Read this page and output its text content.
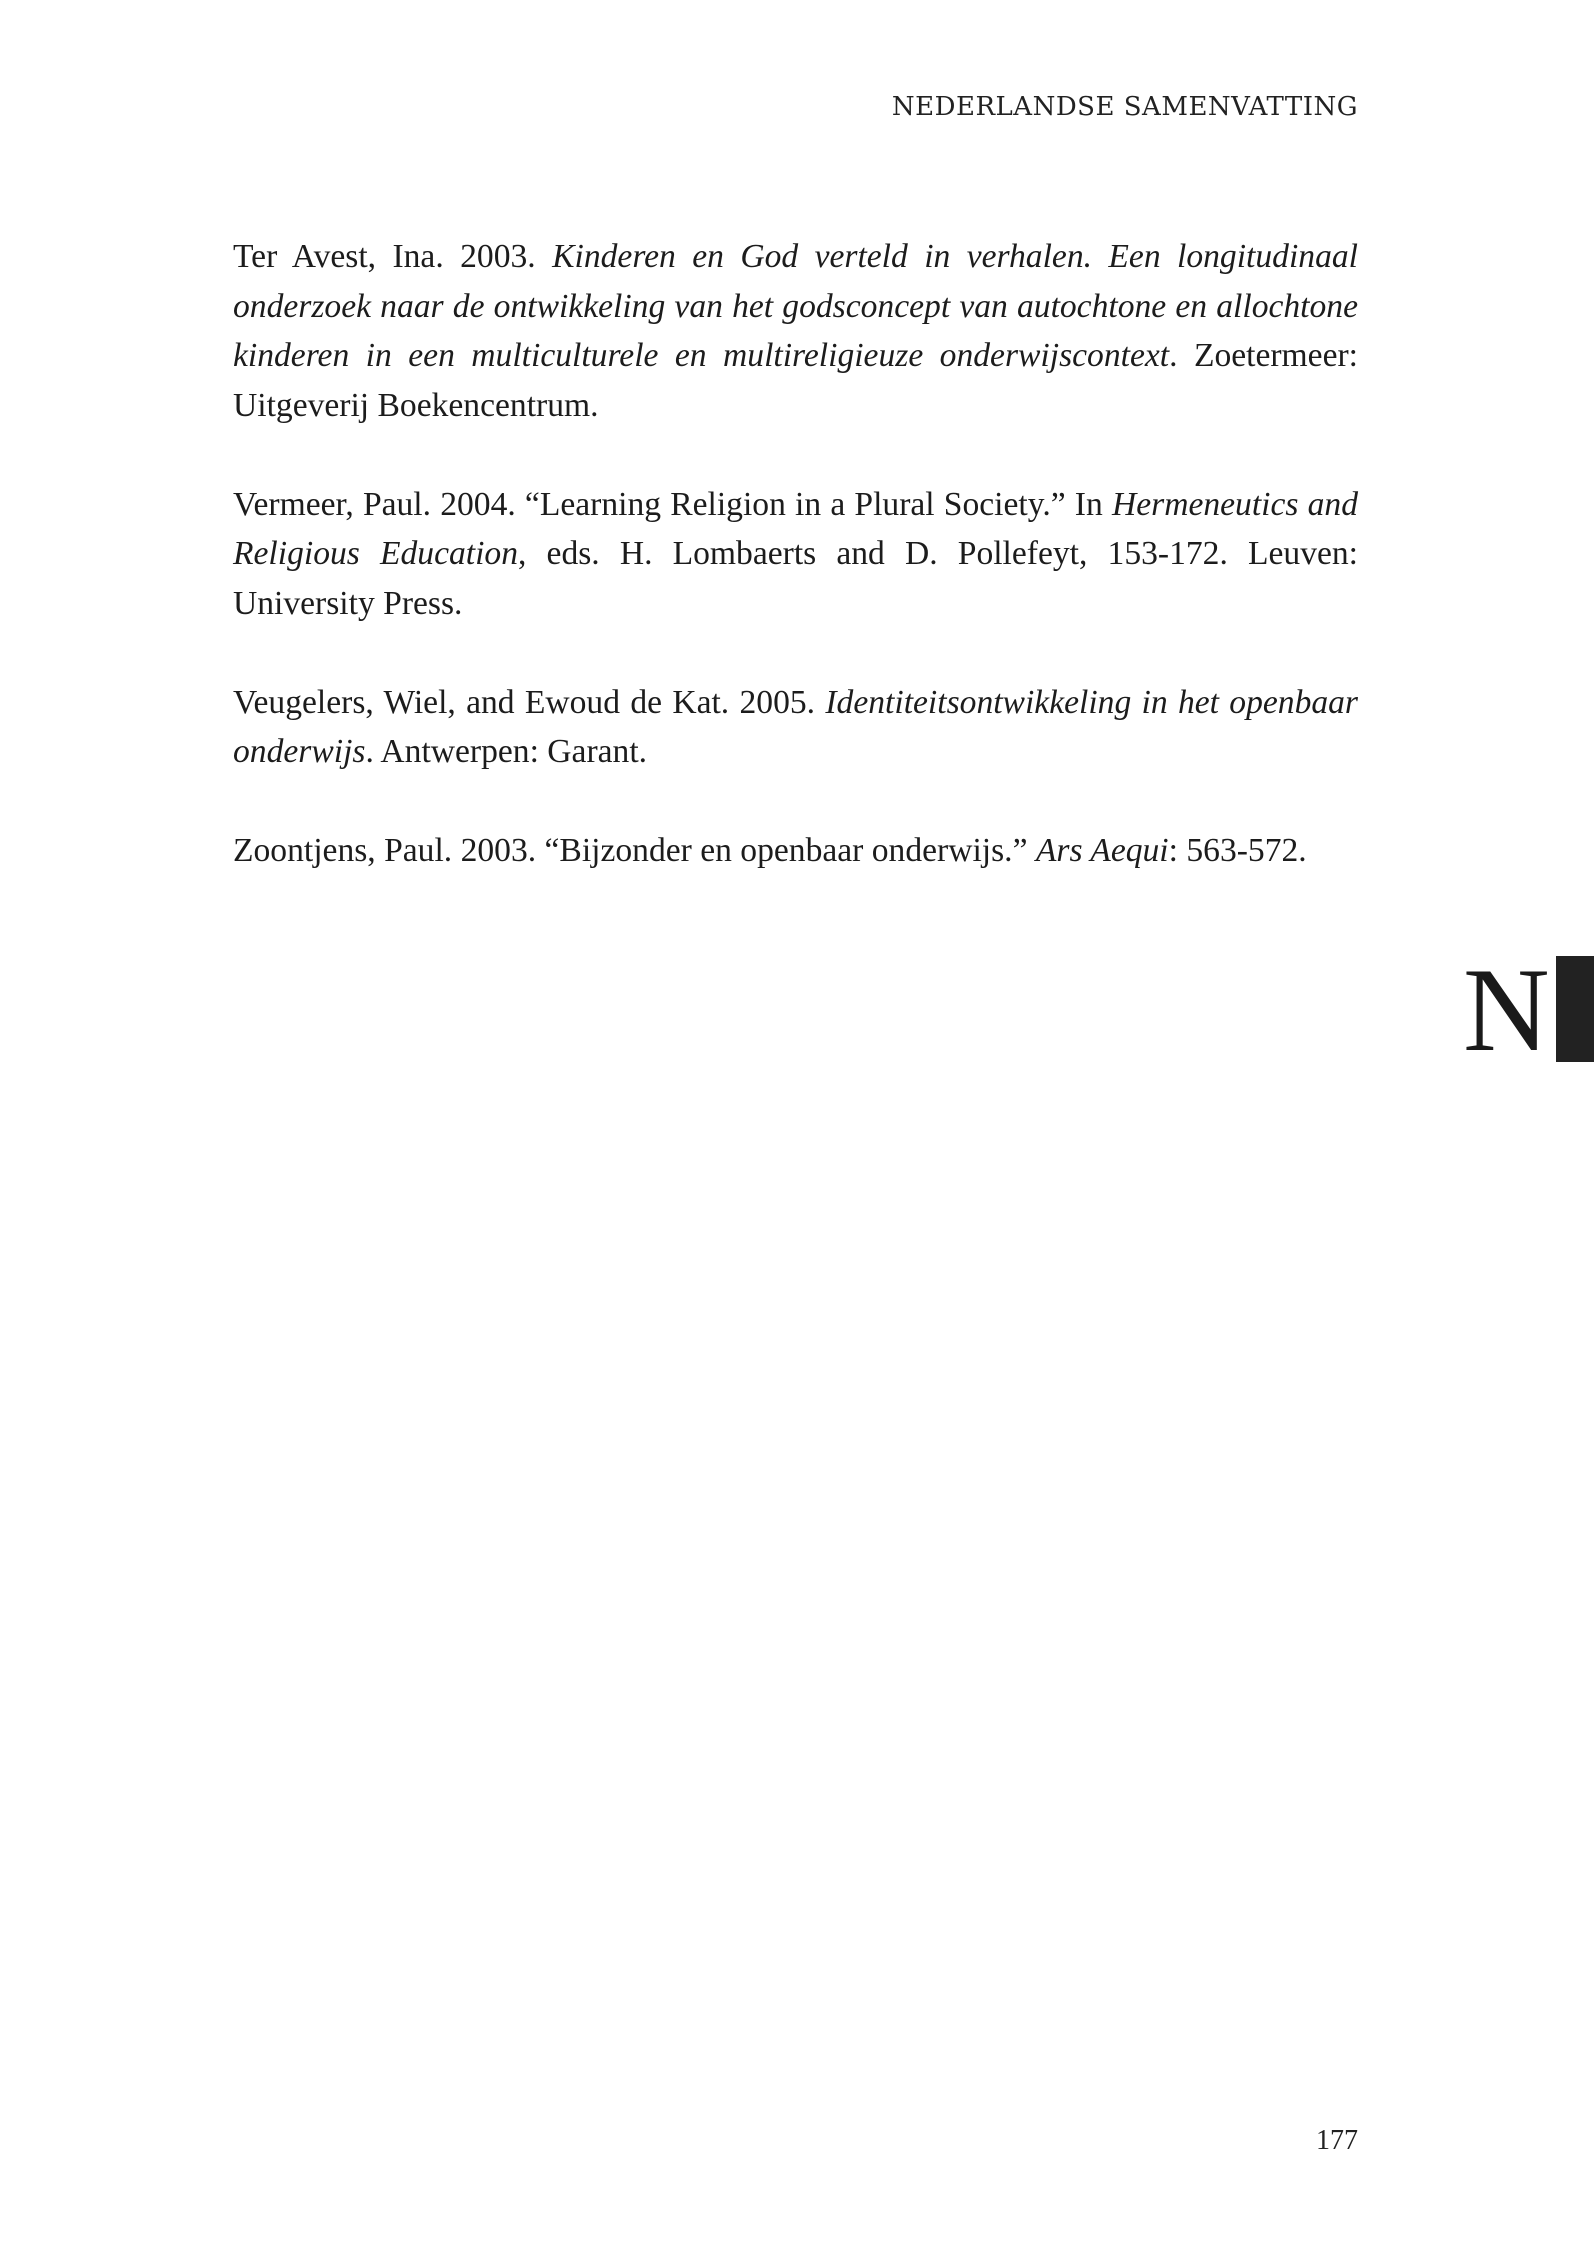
NEDERLANDSE SAMENVATTING

Ter Avest, Ina. 2003. Kinderen en God verteld in verhalen. Een longitudinaal onderzoek naar de ontwikkeling van het godsconcept van autochtone en allochtone kinderen in een multiculturele en multireligieuze onderwijscontext. Zoetermeer: Uitgeverij Boekencentrum.

Vermeer, Paul. 2004. “Learning Religion in a Plural Society.” In Hermeneutics and Religious Education, eds. H. Lombaerts and D. Pollefeyt, 153-172. Leuven: University Press.

Veugelers, Wiel, and Ewoud de Kat. 2005. Identiteitsontwikkeling in het openbaar onderwijs. Antwerpen: Garant.

Zoontjens, Paul. 2003. “Bijzonder en openbaar onderwijs.” Ars Aequi: 563-572.

N
177
